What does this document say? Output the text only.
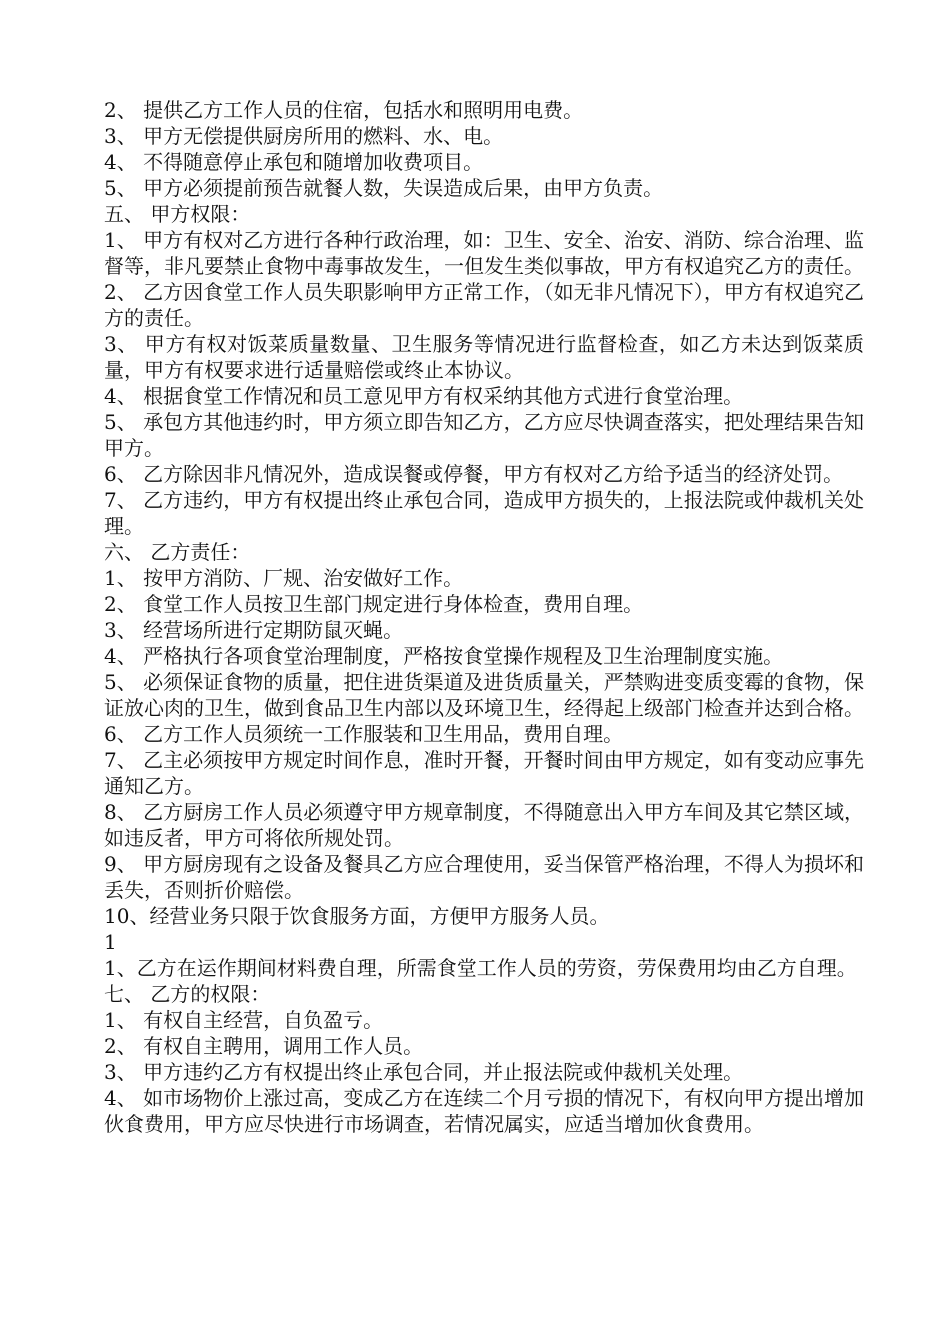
2、 提供乙方工作人员的住宿，包括水和照明用电费。

3、 甲方无偿提供厨房所用的燃料、水、电。

4、 不得随意停止承包和随增加收费项目。

5、 甲方必须提前预告就餐人数，失误造成后果，由甲方负责。

五、 甲方权限：

1、 甲方有权对乙方进行各种行政治理，如：卫生、安全、治安、消防、综合治理、监督等，非凡要禁止食物中毒事故发生，一但发生类似事故，甲方有权追究乙方的责任。

2、 乙方因食堂工作人员失职影响甲方正常工作，（如无非凡情况下），甲方有权追究乙方的责任。

3、 甲方有权对饭菜质量数量、卫生服务等情况进行监督检查，如乙方未达到饭菜质量，甲方有权要求进行适量赔偿或终止本协议。

4、 根据食堂工作情况和员工意见甲方有权采纳其他方式进行食堂治理。

5、 承包方其他违约时，甲方须立即告知乙方，乙方应尽快调查落实，把处理结果告知甲方。

6、 乙方除因非凡情况外，造成误餐或停餐，甲方有权对乙方给予适当的经济处罚。

7、 乙方违约，甲方有权提出终止承包合同，造成甲方损失的，上报法院或仲裁机关处理。

六、 乙方责任：

1、 按甲方消防、厂规、治安做好工作。

2、 食堂工作人员按卫生部门规定进行身体检查，费用自理。

3、 经营场所进行定期防鼠灭蝇。

4、 严格执行各项食堂治理制度，严格按食堂操作规程及卫生治理制度实施。

5、 必须保证食物的质量，把住进货渠道及进货质量关，严禁购进变质变霉的食物，保证放心肉的卫生，做到食品卫生内部以及环境卫生，经得起上级部门检查并达到合格。

6、 乙方工作人员须统一工作服装和卫生用品，费用自理。

7、 乙主必须按甲方规定时间作息，准时开餐，开餐时间由甲方规定，如有变动应事先通知乙方。

8、 乙方厨房工作人员必须遵守甲方规章制度，不得随意出入甲方车间及其它禁区域，如违反者，甲方可将依所规处罚。

9、 甲方厨房现有之设备及餐具乙方应合理使用，妥当保管严格治理，不得人为损坏和丢失，否则折价赔偿。

10、经营业务只限于饮食服务方面，方便甲方服务人员。

1

1、乙方在运作期间材料费自理，所需食堂工作人员的劳资，劳保费用均由乙方自理。

七、 乙方的权限：

1、 有权自主经营，自负盈亏。

2、 有权自主聘用，调用工作人员。

3、 甲方违约乙方有权提出终止承包合同，并止报法院或仲裁机关处理。

4、 如市场物价上涨过高，变成乙方在连续二个月亏损的情况下，有权向甲方提出增加伙食费用，甲方应尽快进行市场调查，若情况属实，应适当增加伙食费用。
